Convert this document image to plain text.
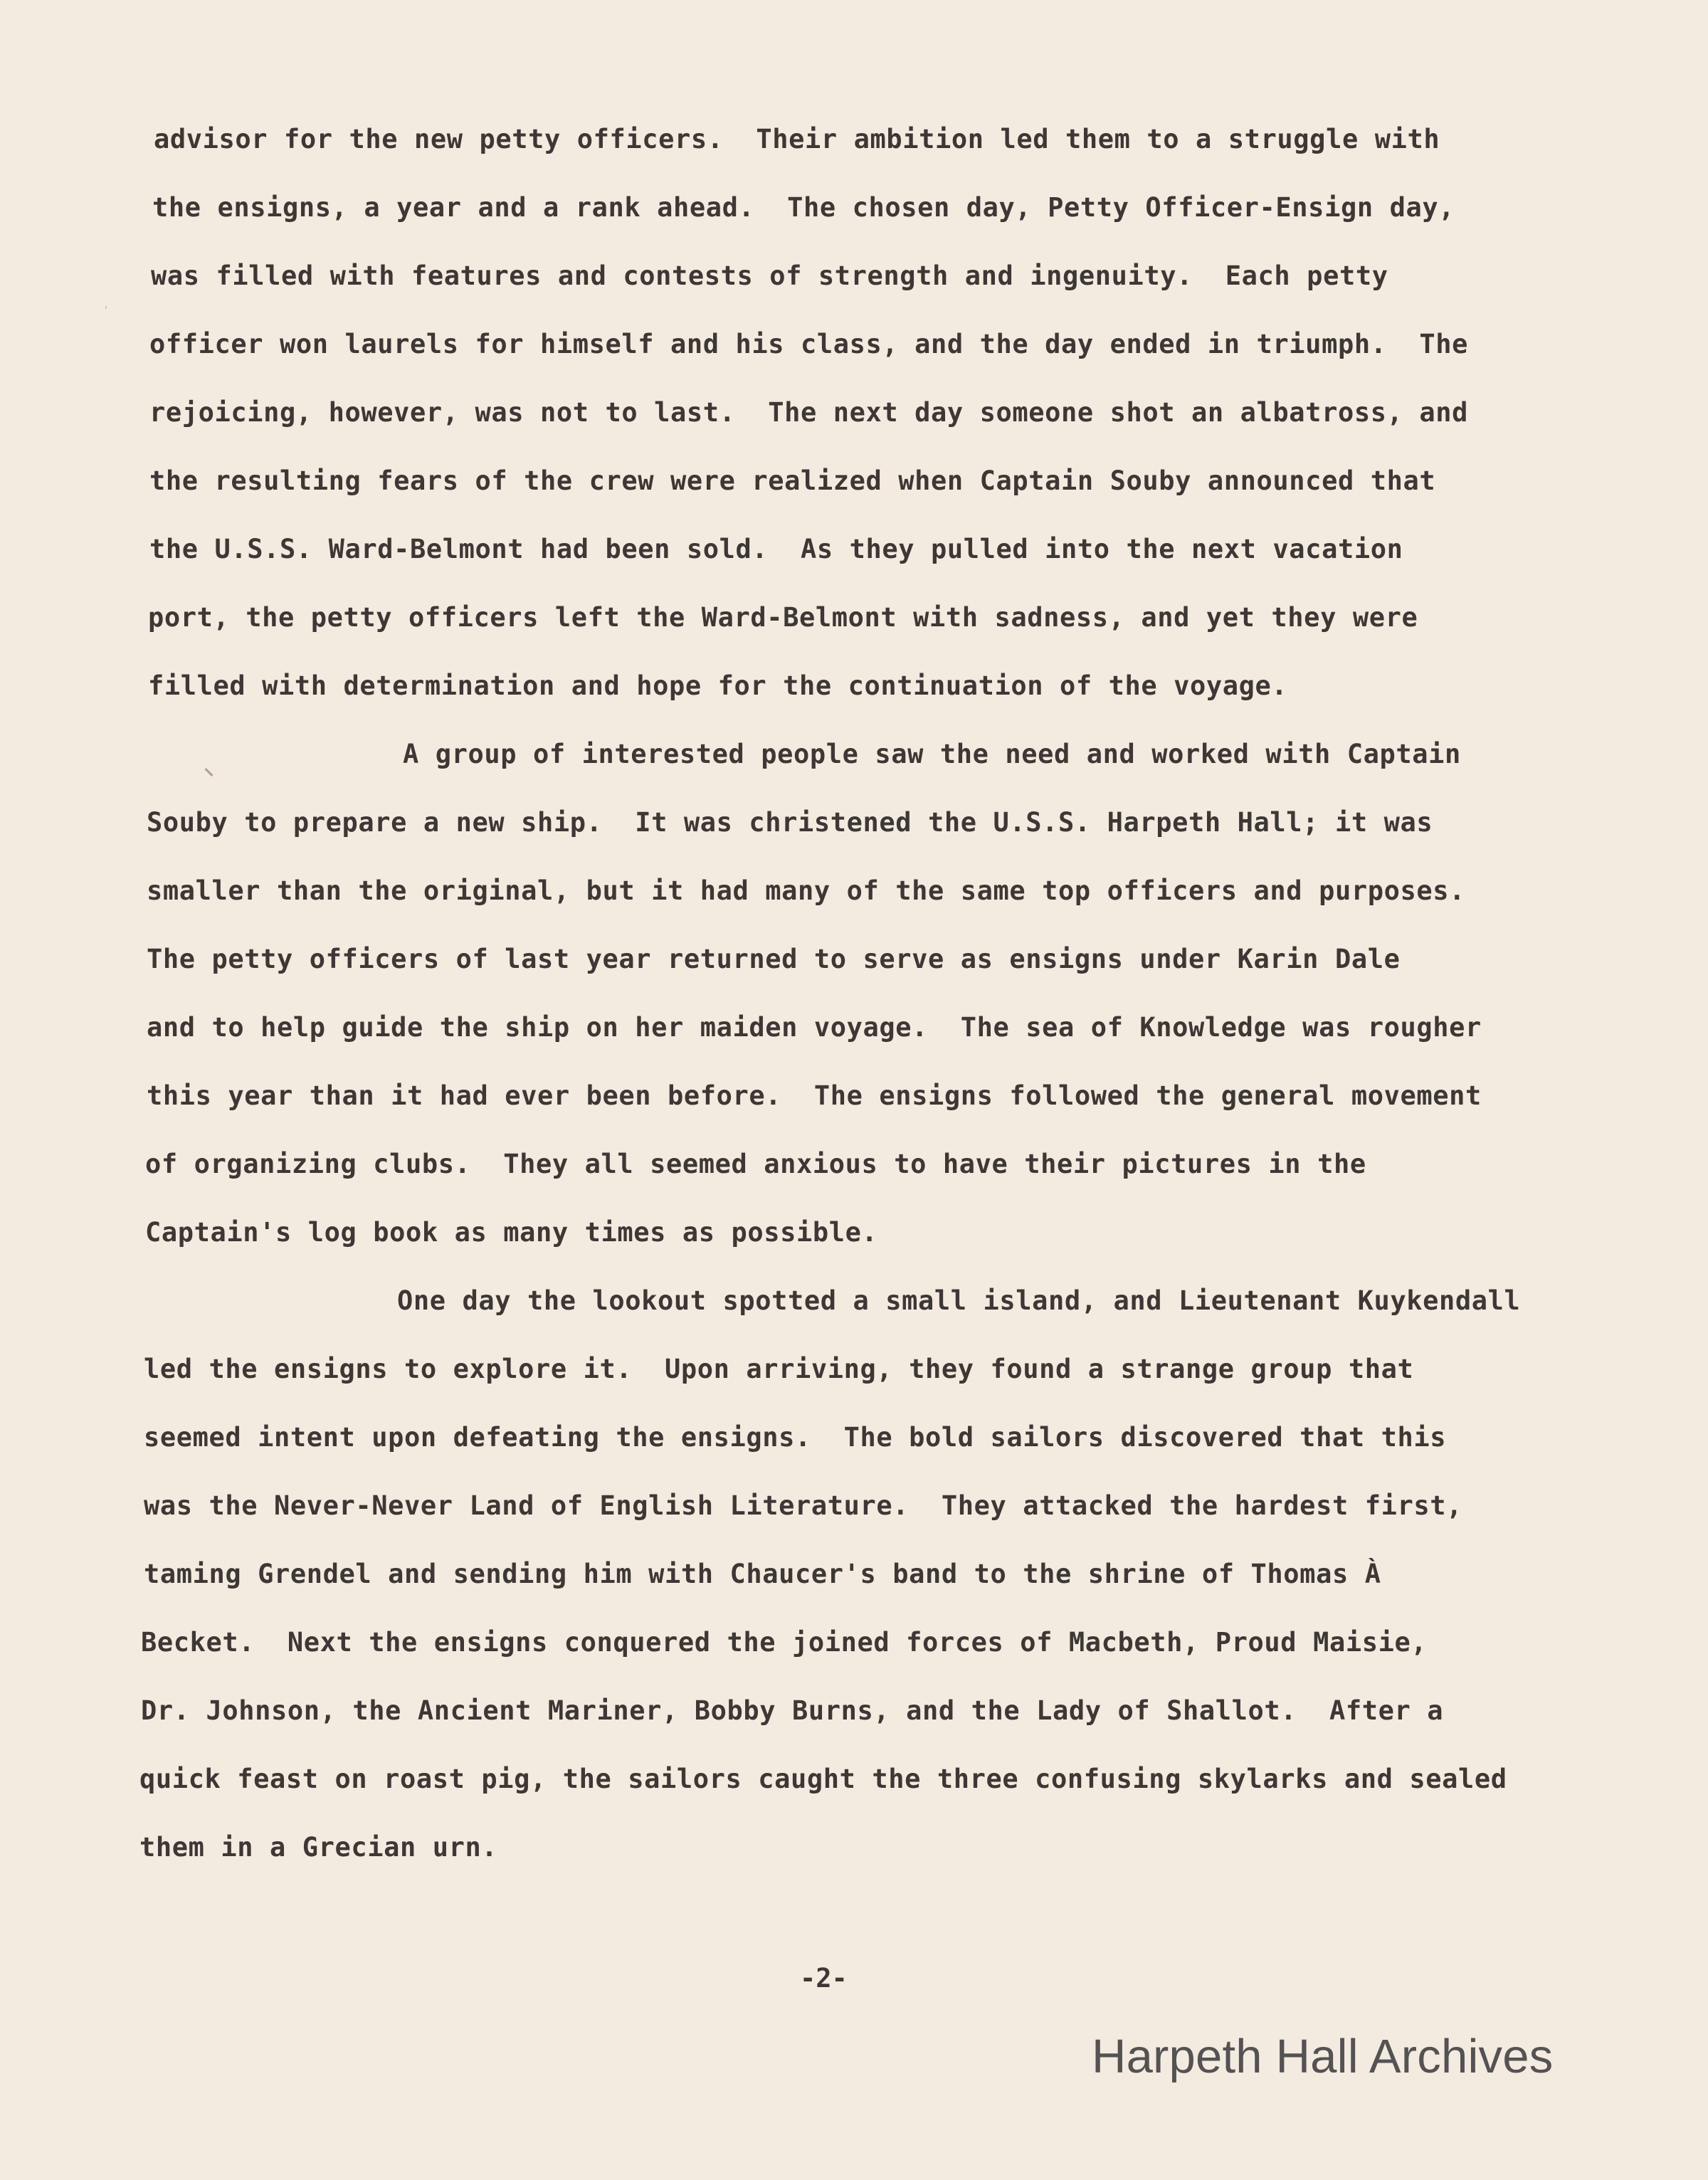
advisor for the new petty officers.  Their ambition led them to a struggle with
the ensigns, a year and a rank ahead.  The chosen day, Petty Officer-Ensign day,
was filled with features and contests of strength and ingenuity.  Each petty
officer won laurels for himself and his class, and the day ended in triumph.  The
rejoicing, however, was not to last.  The next day someone shot an albatross, and
the resulting fears of the crew were realized when Captain Souby announced that
the U.S.S. Ward-Belmont had been sold.  As they pulled into the next vacation
port, the petty officers left the Ward-Belmont with sadness, and yet they were
filled with determination and hope for the continuation of the voyage.
A group of interested people saw the need and worked with Captain
Souby to prepare a new ship.  It was christened the U.S.S. Harpeth Hall; it was
smaller than the original, but it had many of the same top officers and purposes.
The petty officers of last year returned to serve as ensigns under Karin Dale
and to help guide the ship on her maiden voyage.  The sea of Knowledge was rougher
this year than it had ever been before.  The ensigns followed the general movement
of organizing clubs.  They all seemed anxious to have their pictures in the
Captain's log book as many times as possible.
One day the lookout spotted a small island, and Lieutenant Kuykendall
led the ensigns to explore it.  Upon arriving, they found a strange group that
seemed intent upon defeating the ensigns.  The bold sailors discovered that this
was the Never-Never Land of English Literature.  They attacked the hardest first,
taming Grendel and sending him with Chaucer's band to the shrine of Thomas À
Becket.  Next the ensigns conquered the joined forces of Macbeth, Proud Maisie,
Dr. Johnson, the Ancient Mariner, Bobby Burns, and the Lady of Shallot.  After a
quick feast on roast pig, the sailors caught the three confusing skylarks and sealed
them in a Grecian urn.
-2-
Harpeth Hall Archives
